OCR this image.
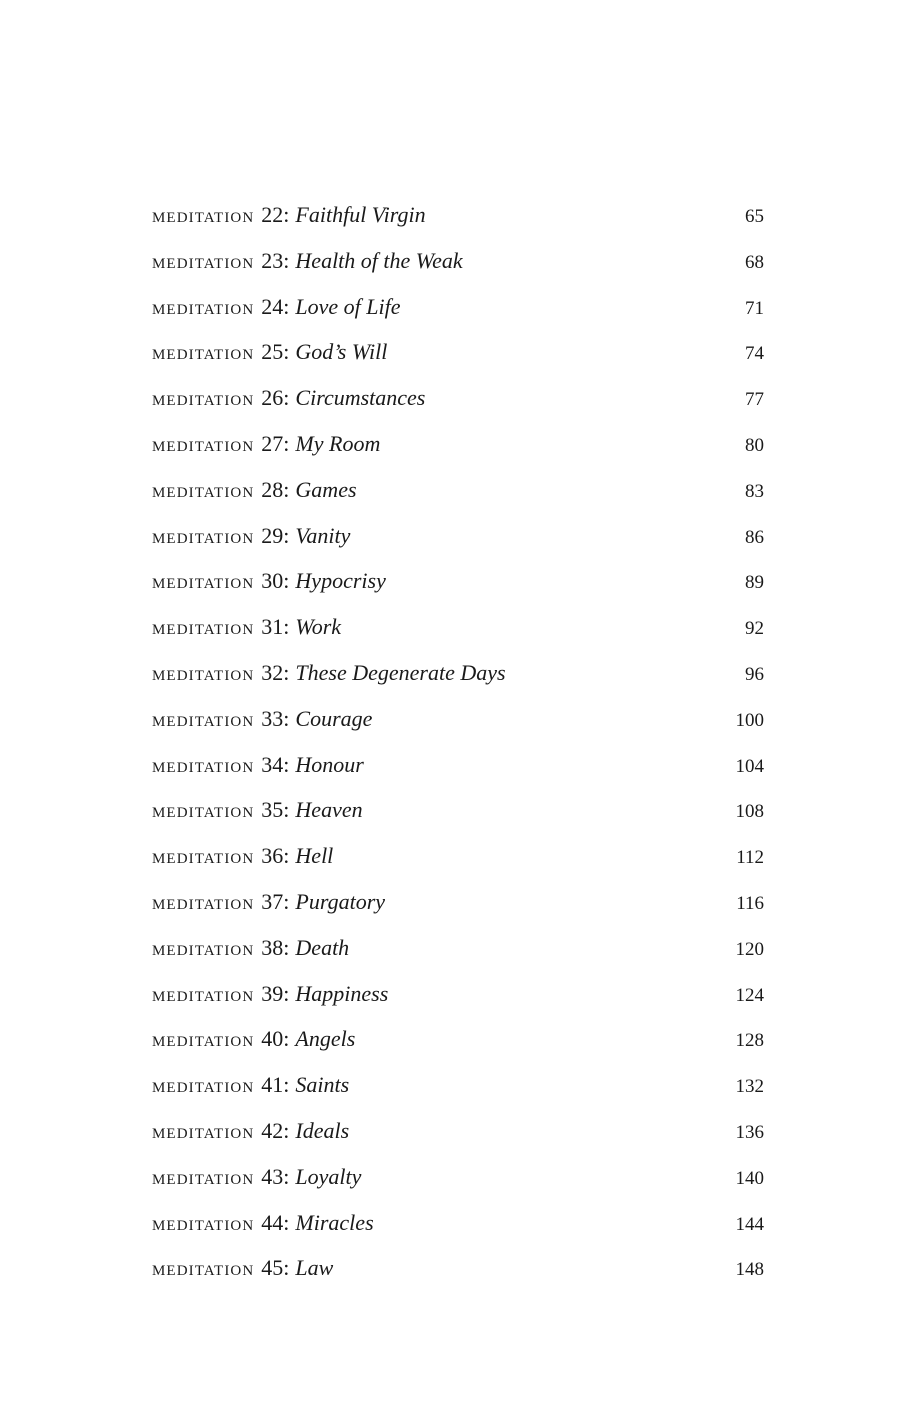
meditation 22 : Faithful Virgin	65
meditation 23 : Health of the Weak	68
meditation 24 : Love of Life	71
meditation 25 : God’s Will	74
meditation 26 : Circumstances	77
meditation 27 : My Room	80
meditation 28 : Games	83
meditation 29 : Vanity	86
meditation 30 : Hypocrisy	89
meditation 31 : Work	92
meditation 32 : These Degenerate Days	96
meditation 33 : Courage	100
meditation 34 : Honour	104
meditation 35 : Heaven	108
meditation 36 : Hell	112
meditation 37 : Purgatory	116
meditation 38 : Death	120
meditation 39 : Happiness	124
meditation 40 : Angels	128
meditation 41 : Saints	132
meditation 42 : Ideals	136
meditation 43 : Loyalty	140
meditation 44 : Miracles	144
meditation 45 : Law	148
